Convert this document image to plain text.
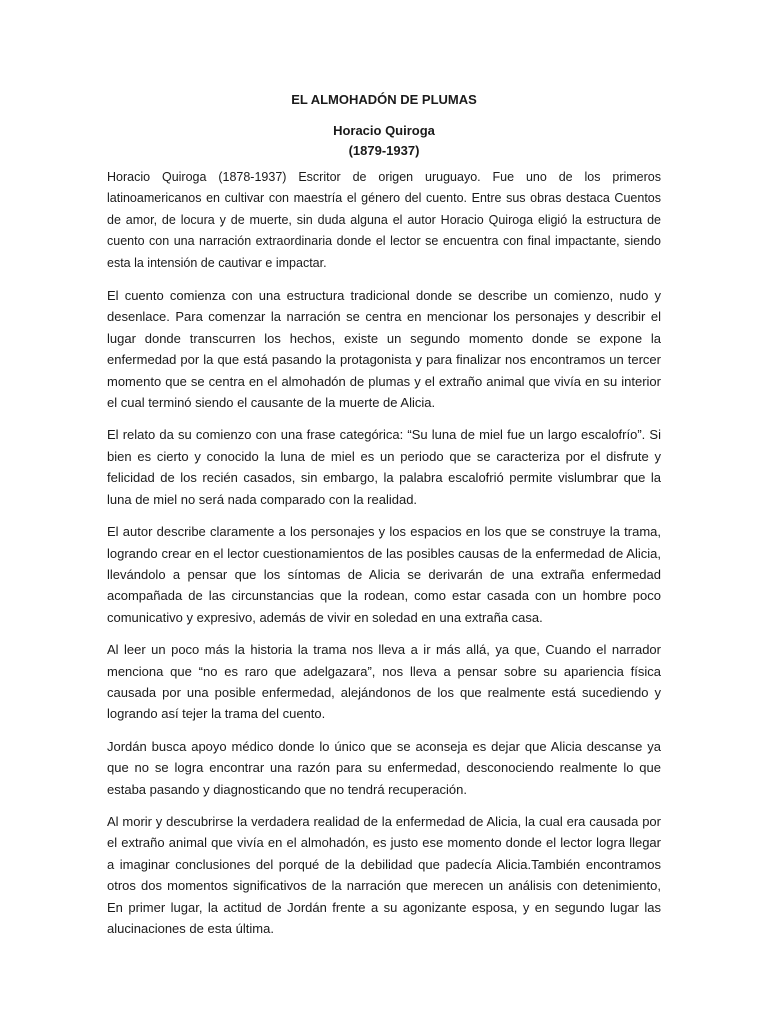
EL ALMOHADÓN DE PLUMAS
Horacio Quiroga
(1879-1937)

Horacio Quiroga (1878-1937) Escritor de origen uruguayo. Fue uno de los primeros latinoamericanos en cultivar con maestría el género del cuento. Entre sus obras destaca Cuentos de amor, de locura y de muerte, sin duda alguna el autor Horacio Quiroga eligió la estructura de cuento con una narración extraordinaria donde el lector se encuentra con final impactante, siendo esta la intensión de cautivar e impactar.

El cuento comienza con una estructura tradicional donde se describe un comienzo, nudo y desenlace. Para comenzar la narración se centra en mencionar los personajes y describir el lugar donde transcurren los hechos, existe un segundo momento donde se expone la enfermedad por la que está pasando la protagonista y para finalizar nos encontramos un tercer momento que se centra en el almohadón de plumas y el extraño animal que vivía en su interior el cual terminó siendo el causante de la muerte de Alicia.

El relato da su comienzo con una frase categórica: “Su luna de miel fue un largo escalofrío”. Si bien es cierto y conocido la luna de miel es un periodo que se caracteriza por el disfrute y felicidad de los recién casados, sin embargo, la palabra escalofrió permite vislumbrar que la luna de miel no será nada comparado con la realidad.

El autor describe claramente a los personajes y los espacios en los que se construye la trama, logrando crear en el lector cuestionamientos de las posibles causas de la enfermedad de Alicia, llevándolo a pensar que los síntomas de Alicia se derivarán de una extraña enfermedad acompañada de las circunstancias que la rodean, como estar casada con un hombre poco comunicativo y expresivo, además de vivir en soledad en una extraña casa.

Al leer un poco más la historia la trama nos lleva a ir más allá, ya que, Cuando el narrador menciona que “no es raro que adelgazara”, nos lleva a pensar sobre su apariencia física causada por una posible enfermedad, alejándonos de los que realmente está sucediendo y logrando así tejer la trama del cuento.

Jordán busca apoyo médico donde lo único que se aconseja es dejar que Alicia descanse ya que no se logra encontrar una razón para su enfermedad, desconociendo realmente lo que estaba pasando y diagnosticando que no tendrá recuperación.

Al morir y descubrirse la verdadera realidad de la enfermedad de Alicia, la cual era causada por el extraño animal que vivía en el almohadón, es justo ese momento donde el lector logra llegar a imaginar conclusiones del porqué de la debilidad que padecía Alicia.También encontramos otros dos momentos significativos de la narración que merecen un análisis con detenimiento, En primer lugar, la actitud de Jordán frente a su agonizante esposa, y en segundo lugar las alucinaciones de esta última.
